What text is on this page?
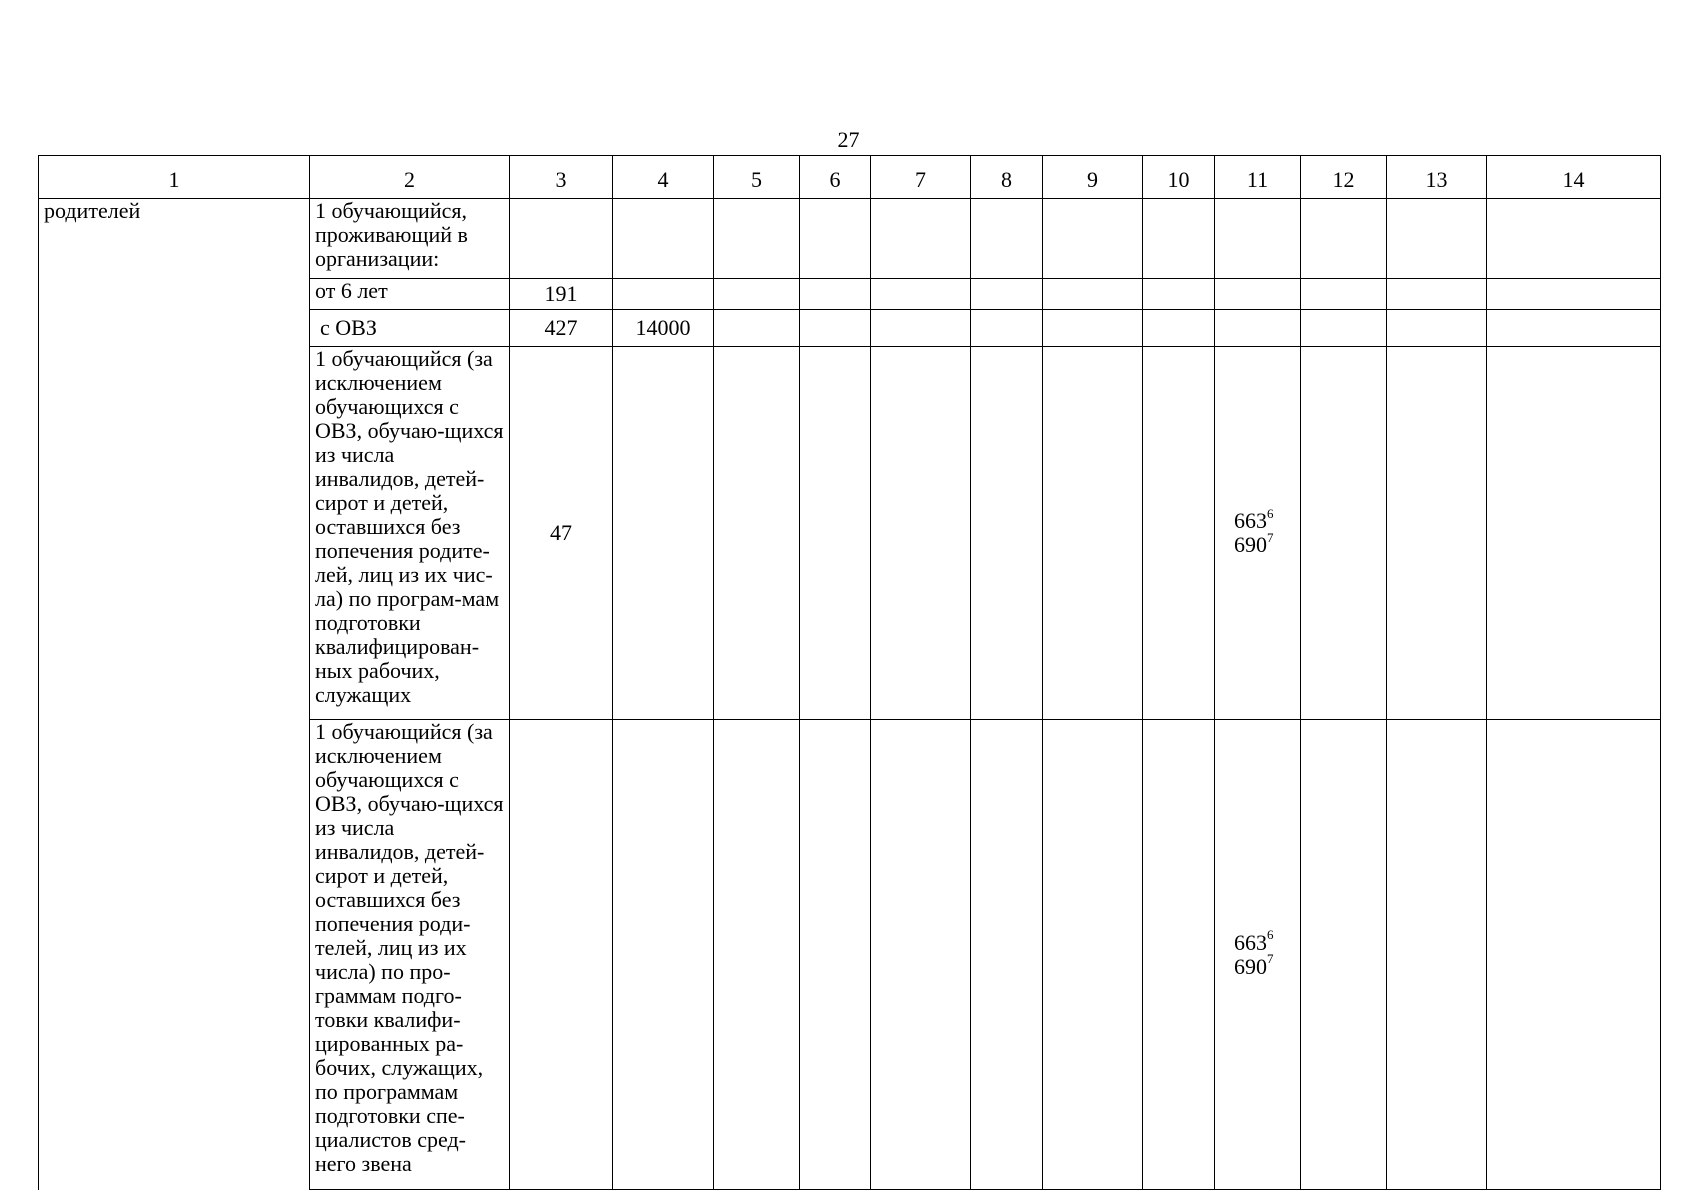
27
1	2	3	4	5	6	7	8	9	10	11	12	13	14
родителей	1 обучающийся, проживающий в организации:												
	от 6 лет	191											
	с ОВЗ	427	14000										
	1 обучающийся (за исключением обучающихся с ОВЗ, обучаю-щихся из числа инвалидов, детей-сирот и детей, оставшихся без попечения родите-лей, лиц из их чис-ла) по програм-мам подготовки квалифицирован-ных рабочих, служащих	47								$663^6$
$690^7$

	1 обучающийся (за исключением обучающихся с ОВЗ, обучаю-щихся из числа инвалидов, детей-сирот и детей, оставшихся без попечения роди-телей, лиц из их числа) по про-граммам подго-товки квалифи-цированных ра-бочих, служащих, по программам подготовки спе-циалистов сред-него звена									$663^6$
$690^7$
